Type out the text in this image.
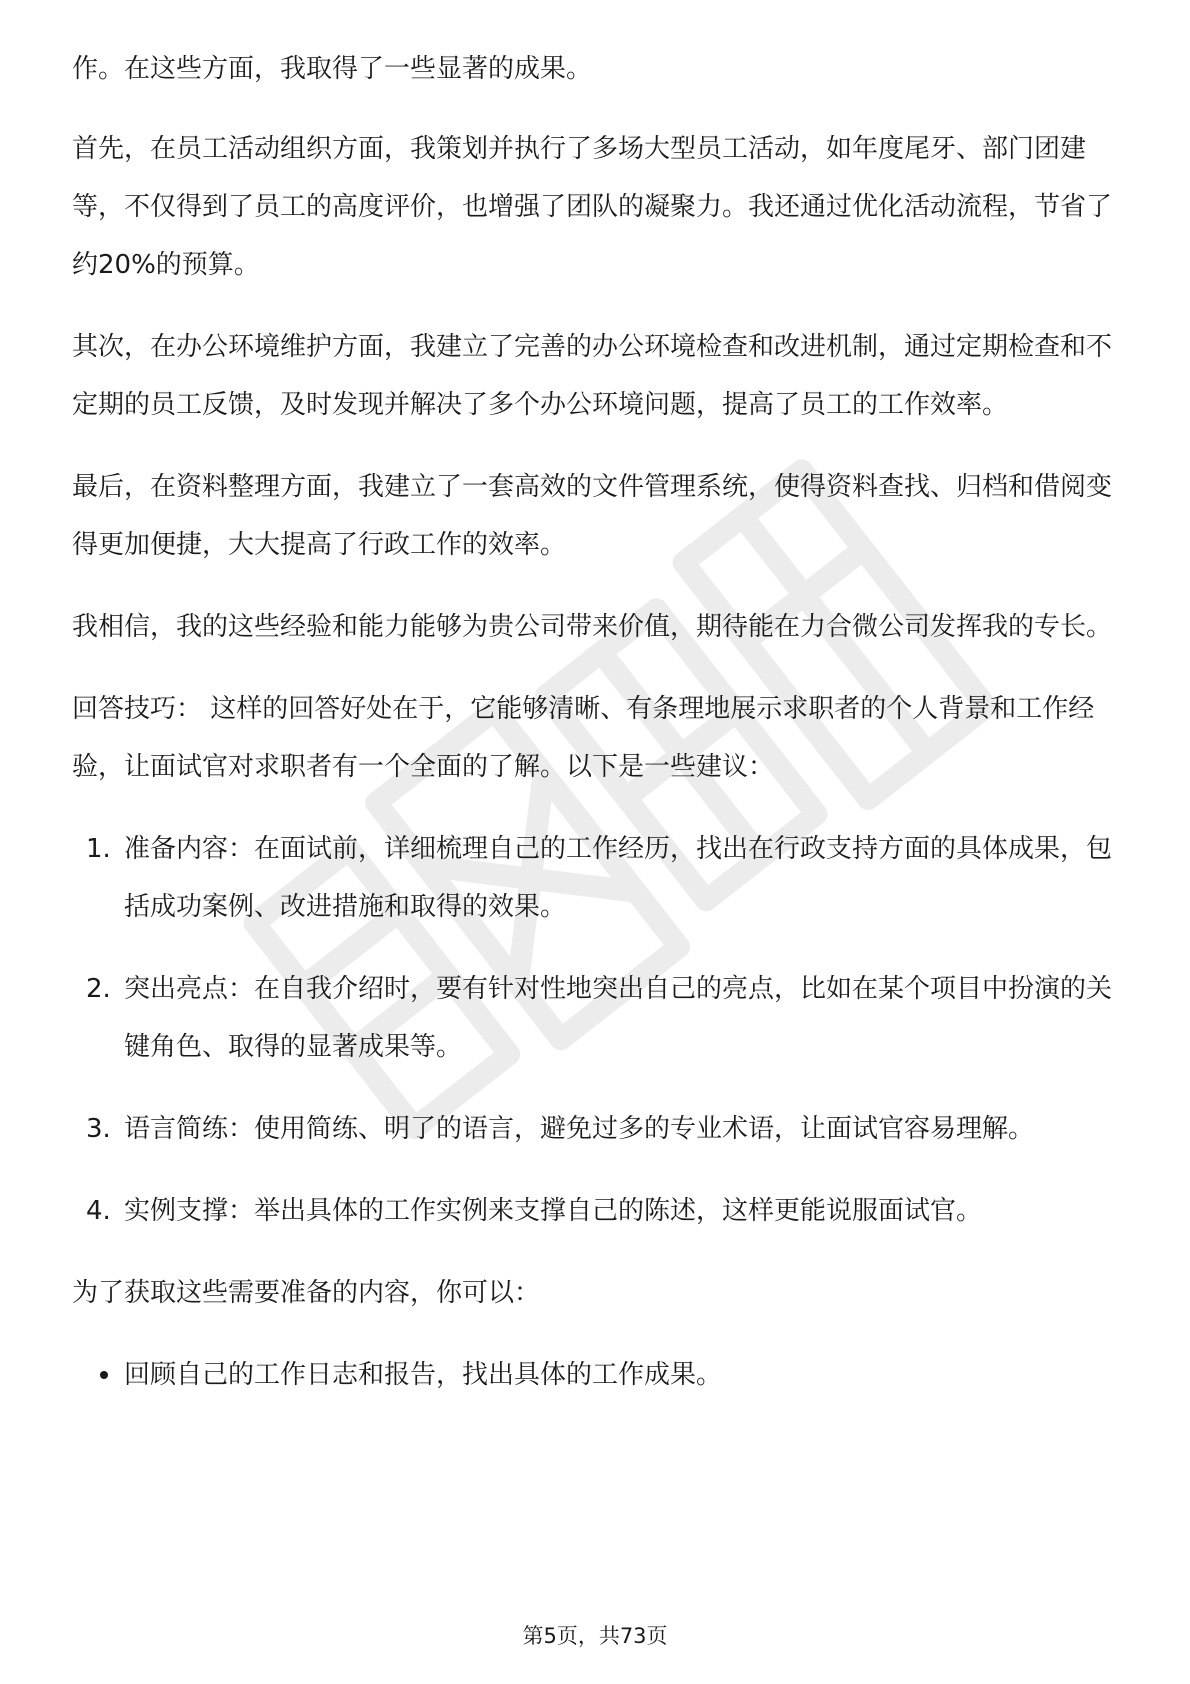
作。在这些方面，我取得了一些显著的成果。

首先，在员工活动组织方面，我策划并执行了多场大型员工活动，如年度尾牙、部门团建等，不仅得到了员工的高度评价，也增强了团队的凝聚力。我还通过优化活动流程，节省了约20%的预算。

其次，在办公环境维护方面，我建立了完善的办公环境检查和改进机制，通过定期检查和不定期的员工反馈，及时发现并解决了多个办公环境问题，提高了员工的工作效率。

最后，在资料整理方面，我建立了一套高效的文件管理系统，使得资料查找、归档和借阅变得更加便捷，大大提高了行政工作的效率。

我相信，我的这些经验和能力能够为贵公司带来价值，期待能在力合微公司发挥我的专长。

回答技巧： 这样的回答好处在于，它能够清晰、有条理地展示求职者的个人背景和工作经验，让面试官对求职者有一个全面的了解。以下是一些建议：

1. 准备内容：在面试前，详细梳理自己的工作经历，找出在行政支持方面的具体成果，包括成功案例、改进措施和取得的效果。
2. 突出亮点：在自我介绍时，要有针对性地突出自己的亮点，比如在某个项目中扮演的关键角色、取得的显著成果等。
3. 语言简练：使用简练、明了的语言，避免过多的专业术语，让面试官容易理解。
4. 实例支撑：举出具体的工作实例来支撑自己的陈述，这样更能说服面试官。

为了获取这些需要准备的内容，你可以：

回顾自己的工作日志和报告，找出具体的工作成果。
第5页，共73页
